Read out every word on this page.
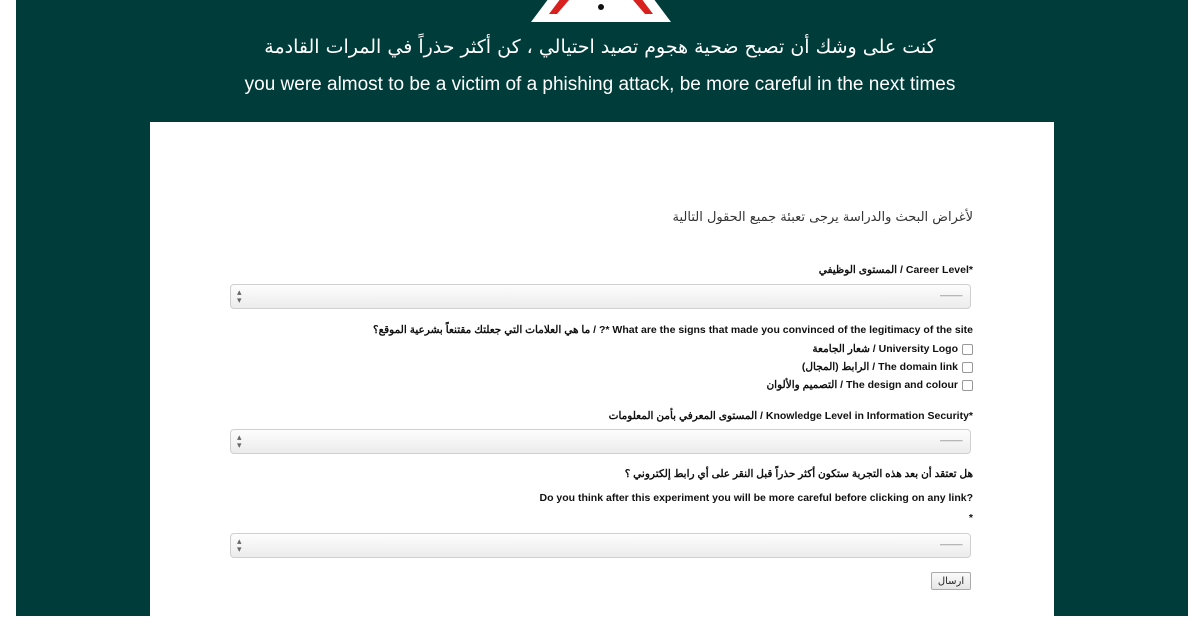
كنت على وشك أن تصبح ضحية هجوم تصيد احتيالي ، كن أكثر حذراً في المرات القادمة
you were almost to be a victim of a phishing attack, be more careful in the next times
لأغراض البحث والدراسة يرجى تعبئة جميع الحقول التالية
المستوى الوظيفي / Career Level*
▴
▾	----------
ما هي العلامات التي جعلتك مقتنعاً بشرعية الموقع؟ / ?* What are the signs that made you convinced of the legitimacy of the site
شعار الجامعة / University Logo
الرابط (المجال) / The domain link
التصميم والألوان / The design and colour
المستوى المعرفي بأمن المعلومات / Knowledge Level in Information Security*
▴
▾	----------
هل تعتقد أن بعد هذه التجربة ستكون أكثر حذراً قبل النقر على أي رابط إلكتروني ؟
Do you think after this experiment you will be more careful before clicking on any link?
*
▴
▾	----------
ارسال
